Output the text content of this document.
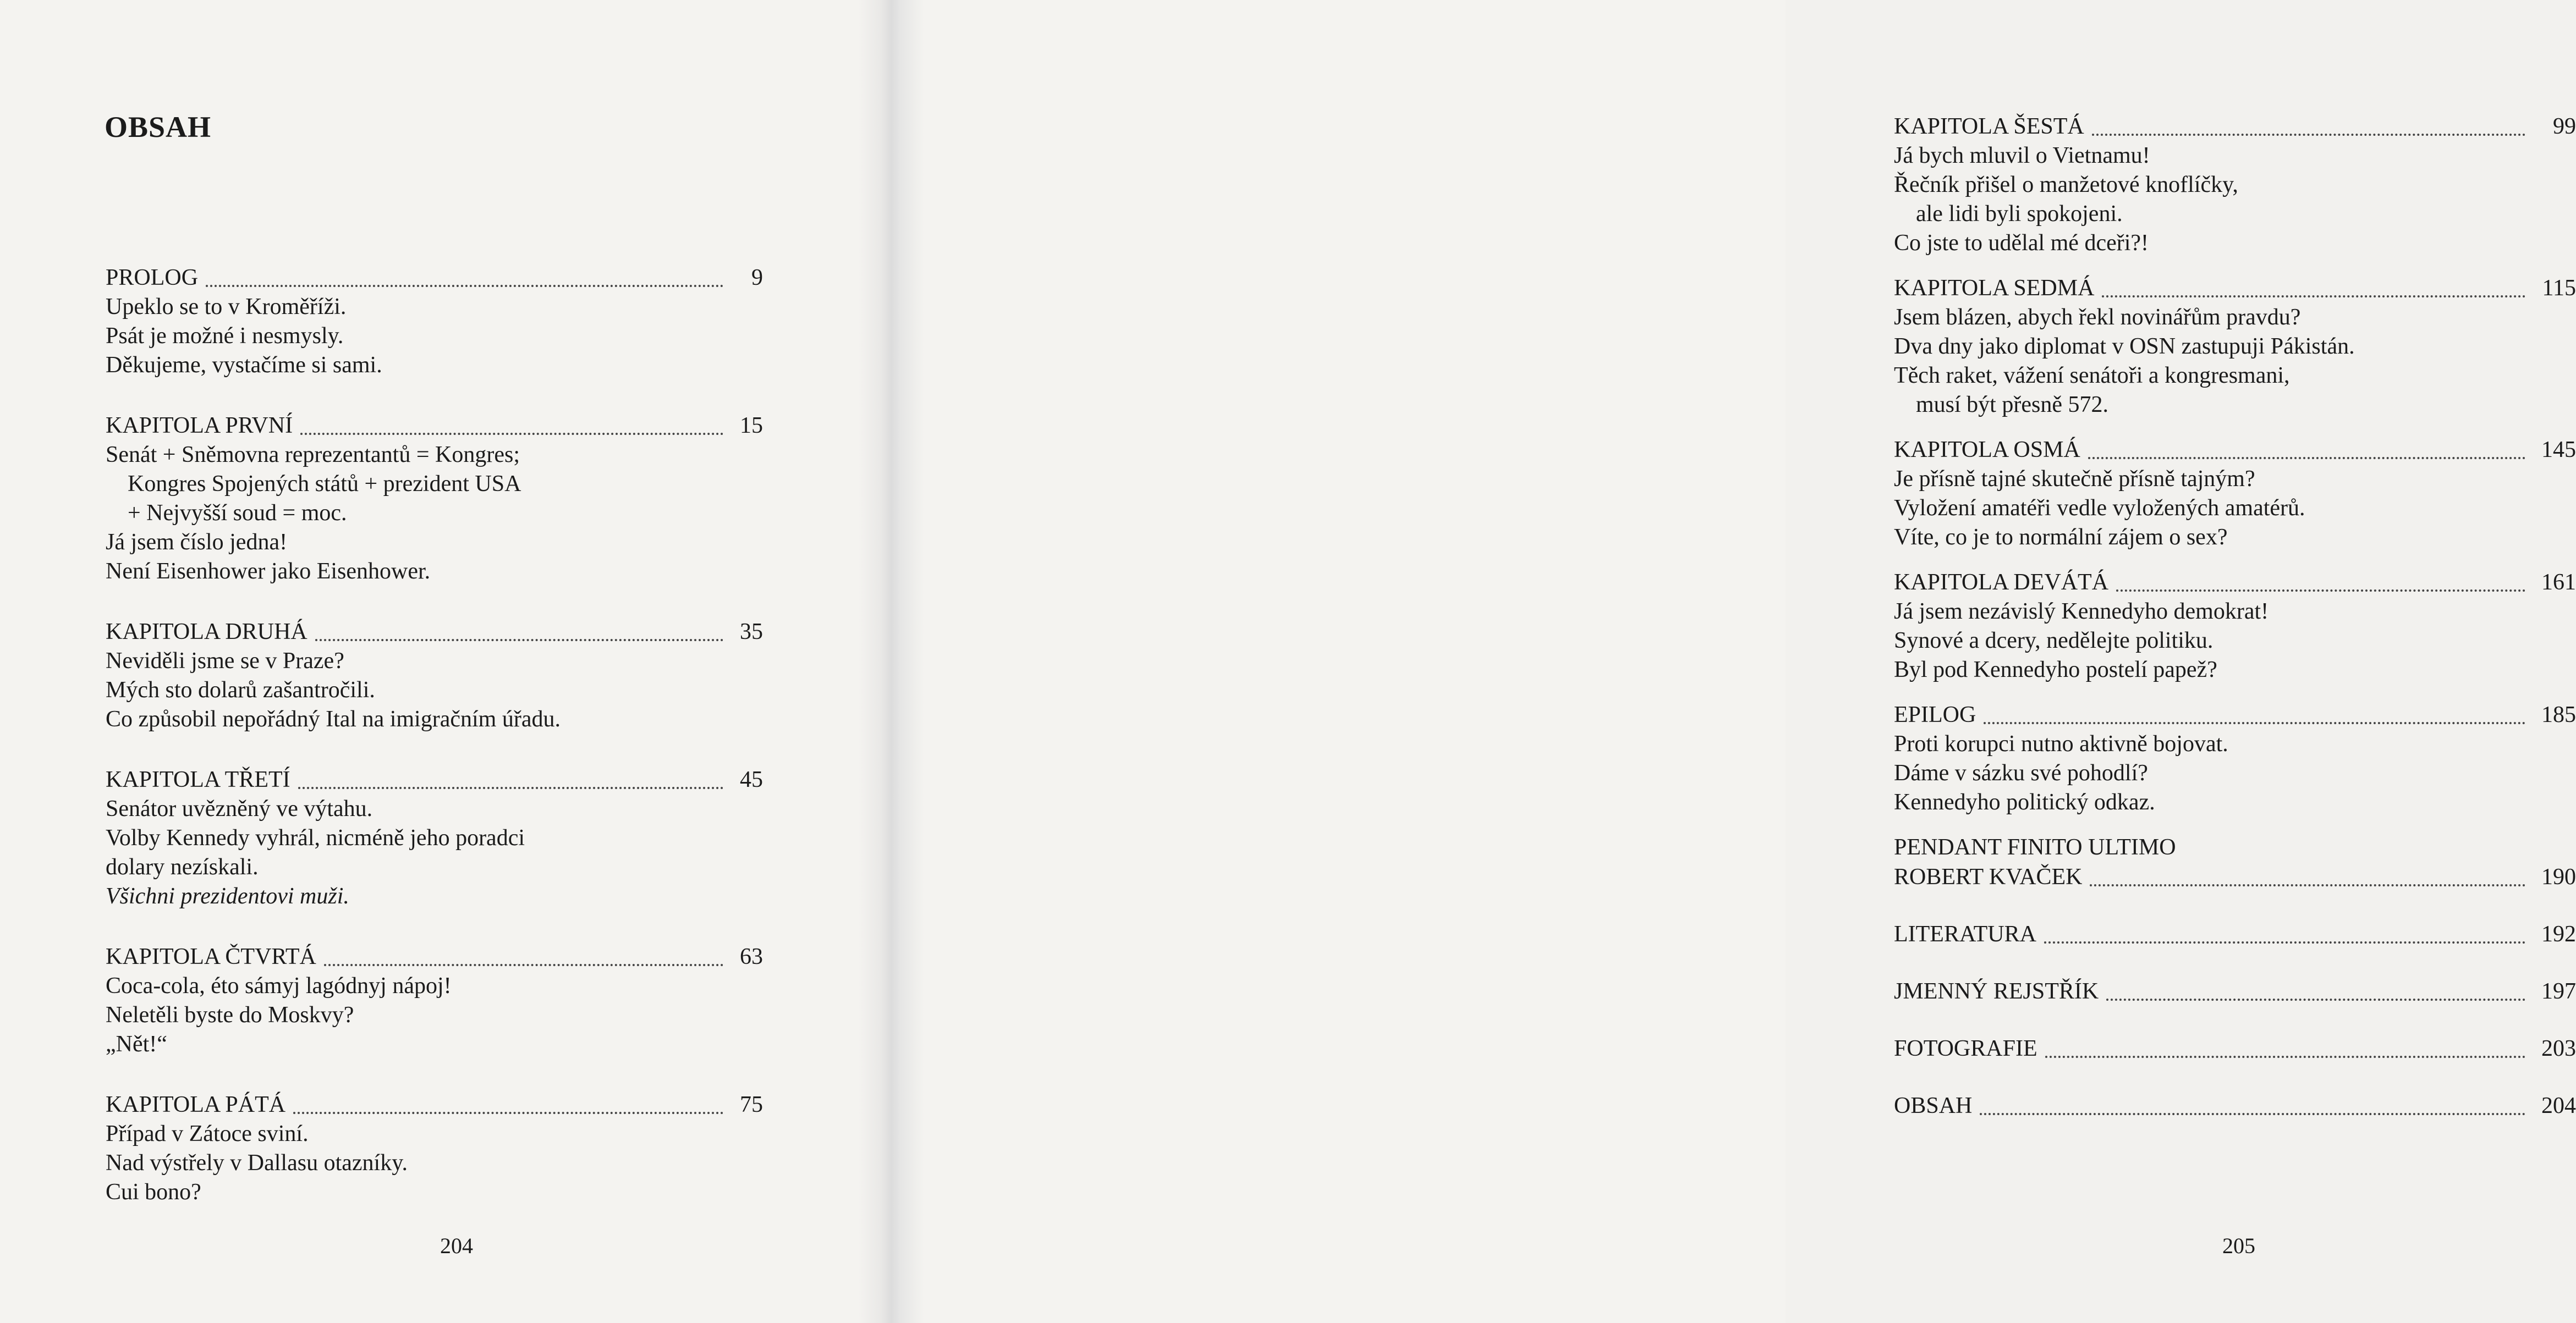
OBSAH
PROLOG	9
Upeklo se to v Kroměříži.
Psát je možné i nesmysly.
Děkujeme, vystačíme si sami.
KAPITOLA PRVNÍ	15
Senát + Sněmovna reprezentantů = Kongres;
Kongres Spojených států + prezident USA
+ Nejvyšší soud = moc.
Já jsem číslo jedna!
Není Eisenhower jako Eisenhower.
KAPITOLA DRUHÁ	35
Neviděli jsme se v Praze?
Mých sto dolarů zašantročili.
Co způsobil nepořádný Ital na imigračním úřadu.
KAPITOLA TŘETÍ	45
Senátor uvězněný ve výtahu.
Volby Kennedy vyhrál, nicméně jeho poradci
dolary nezískali.
Všichni prezidentovi muži.
KAPITOLA ČTVRTÁ	63
Coca-cola, éto sámyj lagódnyj nápoj!
Neletěli byste do Moskvy?
„Nět!“
KAPITOLA PÁTÁ	75
Případ v Zátoce sviní.
Nad výstřely v Dallasu otazníky.
Cui bono?
204
KAPITOLA ŠESTÁ	99
Já bych mluvil o Vietnamu!
Řečník přišel o manžetové knoflíčky,
ale lidi byli spokojeni.
Co jste to udělal mé dceři?!
KAPITOLA SEDMÁ	115
Jsem blázen, abych řekl novinářům pravdu?
Dva dny jako diplomat v OSN zastupuji Pákistán.
Těch raket, vážení senátoři a kongresmani,
musí být přesně 572.
KAPITOLA OSMÁ	145
Je přísně tajné skutečně přísně tajným?
Vyložení amatéři vedle vyložených amatérů.
Víte, co je to normální zájem o sex?
KAPITOLA DEVÁTÁ	161
Já jsem nezávislý Kennedyho demokrat!
Synové a dcery, nedělejte politiku.
Byl pod Kennedyho postelí papež?
EPILOG	185
Proti korupci nutno aktivně bojovat.
Dáme v sázku své pohodlí?
Kennedyho politický odkaz.
PENDANT FINITO ULTIMO
ROBERT KVAČEK	190
LITERATURA	192
JMENNÝ REJSTŘÍK	197
FOTOGRAFIE	203
OBSAH	204
205
